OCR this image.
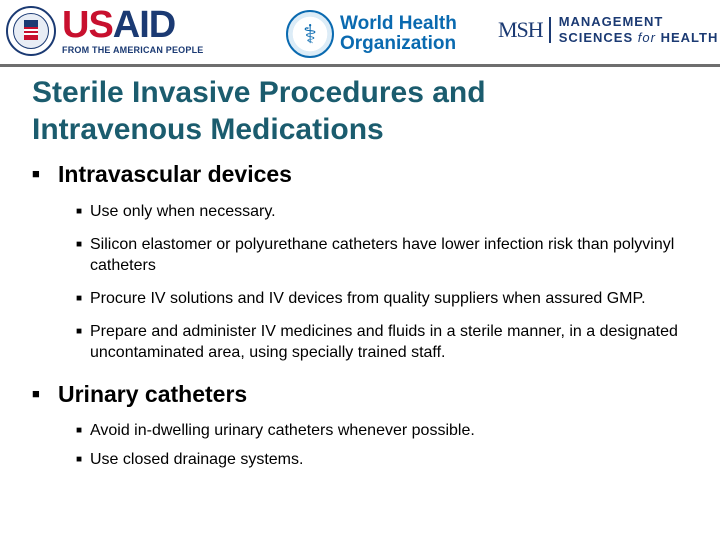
USAID
FROM THE AMERICAN PEOPLE
⚕	World Health
Organization
MSH	MANAGEMENT
SCIENCES for HEALTH
Sterile Invasive Procedures and
Intravenous Medications
■ Intravascular devices
■ Use only when necessary.
■ Silicon elastomer or polyurethane catheters have lower infection risk than polyvinyl catheters
■ Procure IV solutions and IV devices from quality suppliers when assured GMP.
■ Prepare and administer IV medicines and fluids in a sterile manner, in a designated uncontaminated area, using specially trained staff.
■ Urinary catheters
■ Avoid in-dwelling urinary catheters whenever possible.
■ Use closed drainage systems.
